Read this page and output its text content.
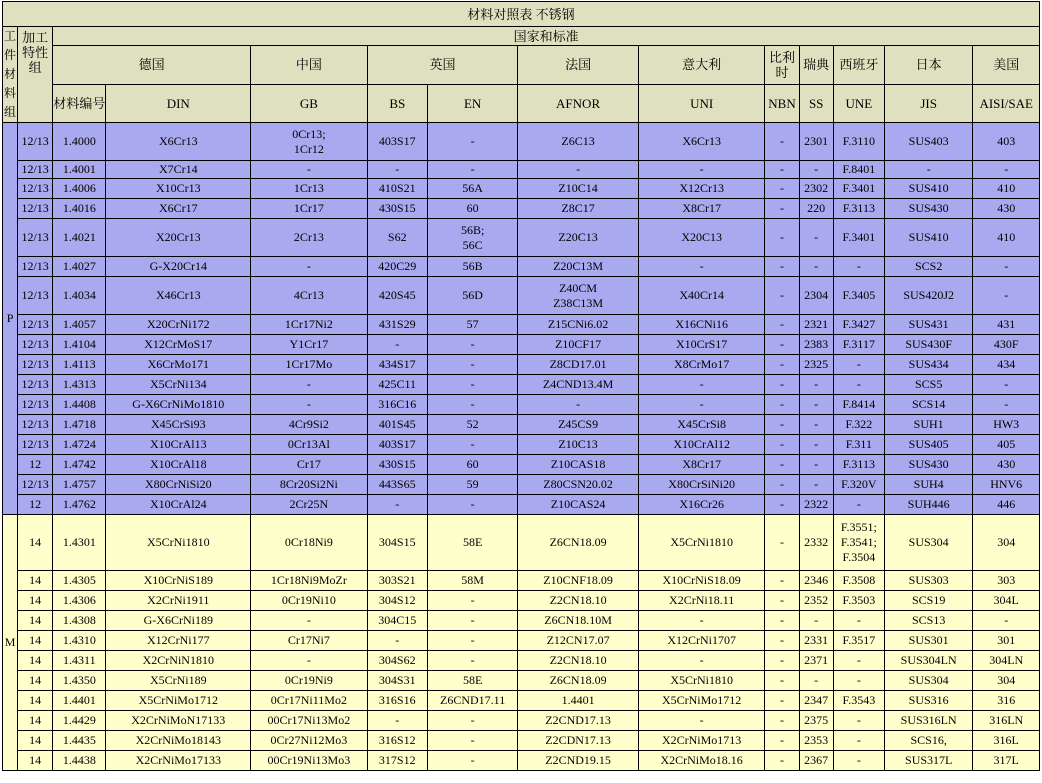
材料对照表 不锈钢													
工件材料组	加工特性组	国家和标准											
		德国		中国	英国		法国	意大利	比利时	瑞典	西班牙	日本	美国
		材料编号	DIN	GB	BS	EN	AFNOR	UNI	NBN	SS	UNE	JIS	AISI/SAE
P	12/13	1.4000	X6Cr13	0Cr13;
1Cr12	403S17	-	Z6C13	X6Cr13	-	2301	F.3110	SUS403	403
	12/13	1.4001	X7Cr14	-	-	-	-	-	-	-	F.8401	-	-
	12/13	1.4006	X10Cr13	1Cr13	410S21	56A	Z10C14	X12Cr13	-	2302	F.3401	SUS410	410
	12/13	1.4016	X6Cr17	1Cr17	430S15	60	Z8C17	X8Cr17	-	220	F.3113	SUS430	430
	12/13	1.4021	X20Cr13	2Cr13	S62	56B;
56C	Z20C13	X20C13	-	-	F.3401	SUS410	410
	12/13	1.4027	G-X20Cr14	-	420C29	56B	Z20C13M	-	-	-	-	SCS2	-
	12/13	1.4034	X46Cr13	4Cr13	420S45	56D	Z40CM
Z38C13M	X40Cr14	-	2304	F.3405	SUS420J2	-
	12/13	1.4057	X20CrNi172	1Cr17Ni2	431S29	57	Z15CNi6.02	X16CNi16	-	2321	F.3427	SUS431	431
	12/13	1.4104	X12CrMoS17	Y1Cr17	-	-	Z10CF17	X10CrS17	-	2383	F.3117	SUS430F	430F
	12/13	1.4113	X6CrMo171	1Cr17Mo	434S17	-	Z8CD17.01	X8CrMo17	-	2325	-	SUS434	434
	12/13	1.4313	X5CrNi134	-	425C11	-	Z4CND13.4M	-	-	-	-	SCS5	-
	12/13	1.4408	G-X6CrNiMo1810	-	316C16	-	-	-	-	-	F.8414	SCS14	-
	12/13	1.4718	X45CrSi93	4Cr9Si2	401S45	52	Z45CS9	X45CrSi8	-	-	F.322	SUH1	HW3
	12/13	1.4724	X10CrAl13	0Cr13Al	403S17	-	Z10C13	X10CrAl12	-	-	F.311	SUS405	405
	12	1.4742	X10CrAl18	Cr17	430S15	60	Z10CAS18	X8Cr17	-	-	F.3113	SUS430	430
	12/13	1.4757	X80CrNiSi20	8Cr20Si2Ni	443S65	59	Z80CSN20.02	X80CrSiNi20	-	-	F.320V	SUH4	HNV6
	12	1.4762	X10CrAl24	2Cr25N	-	-	Z10CAS24	X16Cr26	-	2322	-	SUH446	446
M	14	1.4301	X5CrNi1810	0Cr18Ni9	304S15	58E	Z6CN18.09	X5CrNi1810	-	2332	F.3551;
F.3541;
F.3504	SUS304	304
	14	1.4305	X10CrNiS189	1Cr18Ni9MoZr	303S21	58M	Z10CNF18.09	X10CrNiS18.09	-	2346	F.3508	SUS303	303
	14	1.4306	X2CrNi1911	0Cr19Ni10	304S12	-	Z2CN18.10	X2CrNi18.11	-	2352	F.3503	SCS19	304L
	14	1.4308	G-X6CrNi189	-	304C15	-	Z6CN18.10M	-	-	-	-	SCS13	-
	14	1.4310	X12CrNi177	Cr17Ni7	-	-	Z12CN17.07	X12CrNi1707	-	2331	F.3517	SUS301	301
	14	1.4311	X2CrNiN1810	-	304S62	-	Z2CN18.10	-	-	2371	-	SUS304LN	304LN
	14	1.4350	X5CrNi189	0Cr19Ni9	304S31	58E	Z6CN18.09	X5CrNi1810	-	-	-	SUS304	304
	14	1.4401	X5CrNiMo1712	0Cr17Ni11Mo2	316S16	Z6CND17.11	1.4401	X5CrNiMo1712	-	2347	F.3543	SUS316	316
	14	1.4429	X2CrNiMoN17133	00Cr17Ni13Mo2	-	-	Z2CND17.13	-	-	2375	-	SUS316LN	316LN
	14	1.4435	X2CrNiMo18143	0Cr27Ni12Mo3	316S12	-	Z2CDN17.13	X2CrNiMo1713	-	2353	-	SCS16,	316L
	14	1.4438	X2CrNiMo17133	00Cr19Ni13Mo3	317S12	-	Z2CND19.15	X2CrNiMo18.16	-	2367	-	SUS317L	317L
